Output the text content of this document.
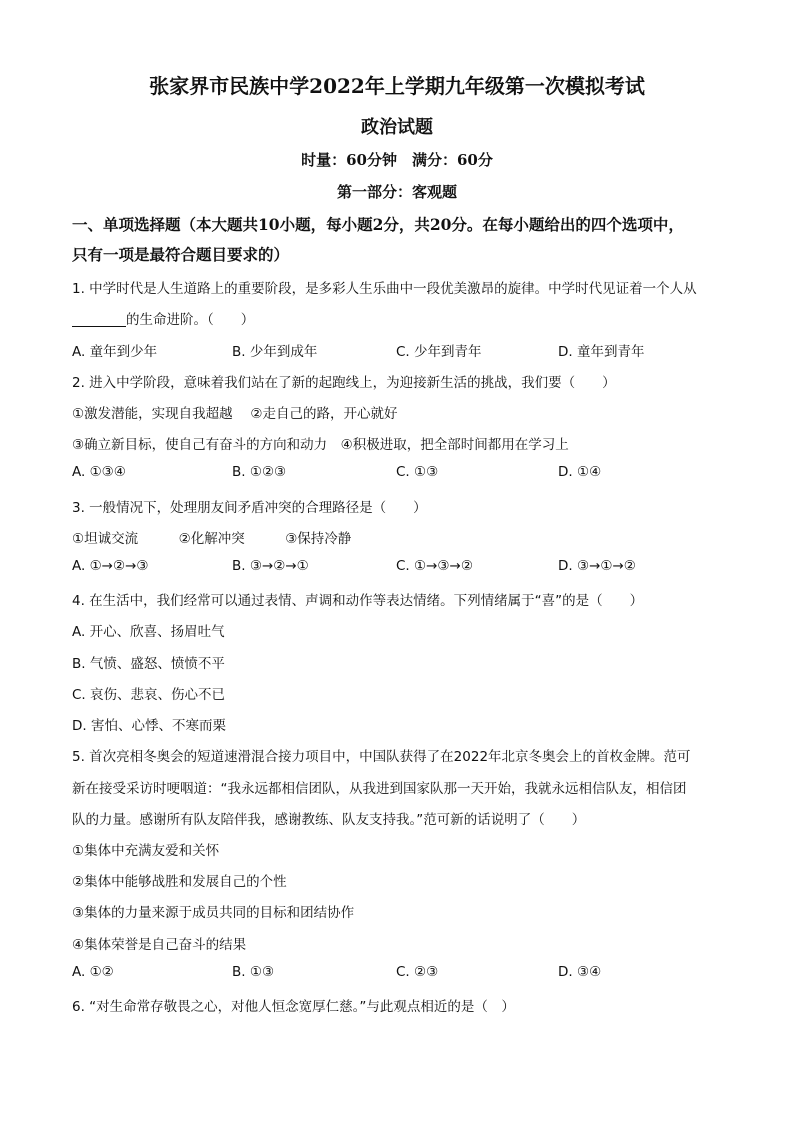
张家界市民族中学2022年上学期九年级第一次模拟考试
政治试题
时量：60分钟　满分：60分
第一部分：客观题
一、单项选择题（本大题共10小题，每小题2分，共20分。在每小题给出的四个选项中，
只有一项是最符合题目要求的）
1. 中学时代是人生道路上的重要阶段，是多彩人生乐曲中一段优美激昂的旋律。中学时代见证着一个人从
的生命进阶。（　　）
A. 童年到少年	B. 少年到成年	C. 少年到青年	D. 童年到青年
2. 进入中学阶段，意味着我们站在了新的起跑线上，为迎接新生活的挑战，我们要（　　）
①激发潜能，实现自我超越　 ②走自己的路，开心就好
③确立新目标，使自己有奋斗的方向和动力　④积极进取，把全部时间都用在学习上
A. ①③④	B. ①②③	C. ①③	D. ①④
3. 一般情况下，处理朋友间矛盾冲突的合理路径是（　　）
①坦诚交流　　　②化解冲突　　　③保持冷静
A. ①→②→③	B. ③→②→①	C. ①→③→②	D. ③→①→②
4. 在生活中，我们经常可以通过表情、声调和动作等表达情绪。下列情绪属于“喜”的是（　　）
A. 开心、欣喜、扬眉吐气
B. 气愤、盛怒、愤愤不平
C. 哀伤、悲哀、伤心不已
D. 害怕、心悸、不寒而栗
5. 首次亮相冬奥会的短道速滑混合接力项目中，中国队获得了在2022年北京冬奥会上的首枚金牌。范可
新在接受采访时哽咽道：“我永远都相信团队，从我进到国家队那一天开始，我就永远相信队友，相信团
队的力量。感谢所有队友陪伴我，感谢教练、队友支持我。”范可新的话说明了（　　）
①集体中充满友爱和关怀
②集体中能够战胜和发展自己的个性
③集体的力量来源于成员共同的目标和团结协作
④集体荣誉是自己奋斗的结果
A. ①②	B. ①③	C. ②③	D. ③④
6. “对生命常存敬畏之心，对他人恒念宽厚仁慈。”与此观点相近的是（　）
